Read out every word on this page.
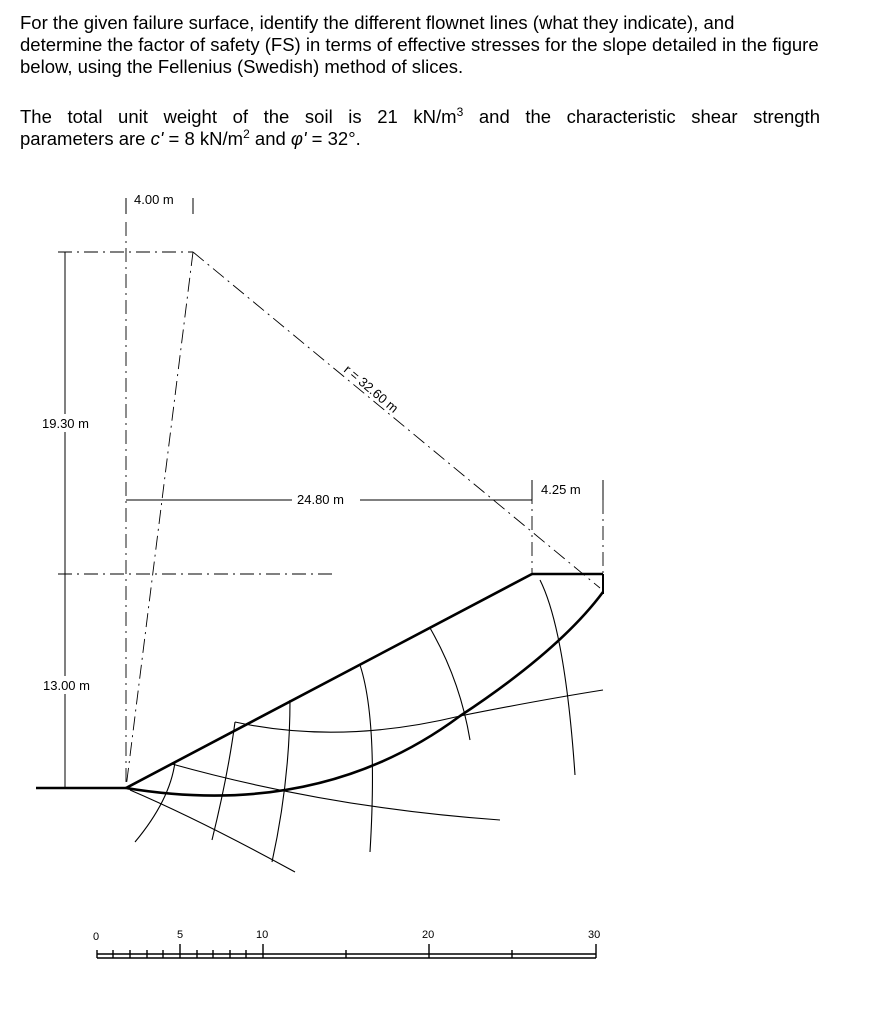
For the given failure surface, identify the different flownet lines (what they indicate), and determine the factor of safety (FS) in terms of effective stresses for the slope detailed in the figure below, using the Fellenius (Swedish) method of slices.

The total unit weight of the soil is 21 $kN/m^3$ and the characteristic shear strength
parameters are c' = 8 $kN/m^2$ and φ' = 32°.

4.00 m
r = 32.60 m
19.30 m
24.80 m
4.25 m
13.00 m
0	5	10	20	30
